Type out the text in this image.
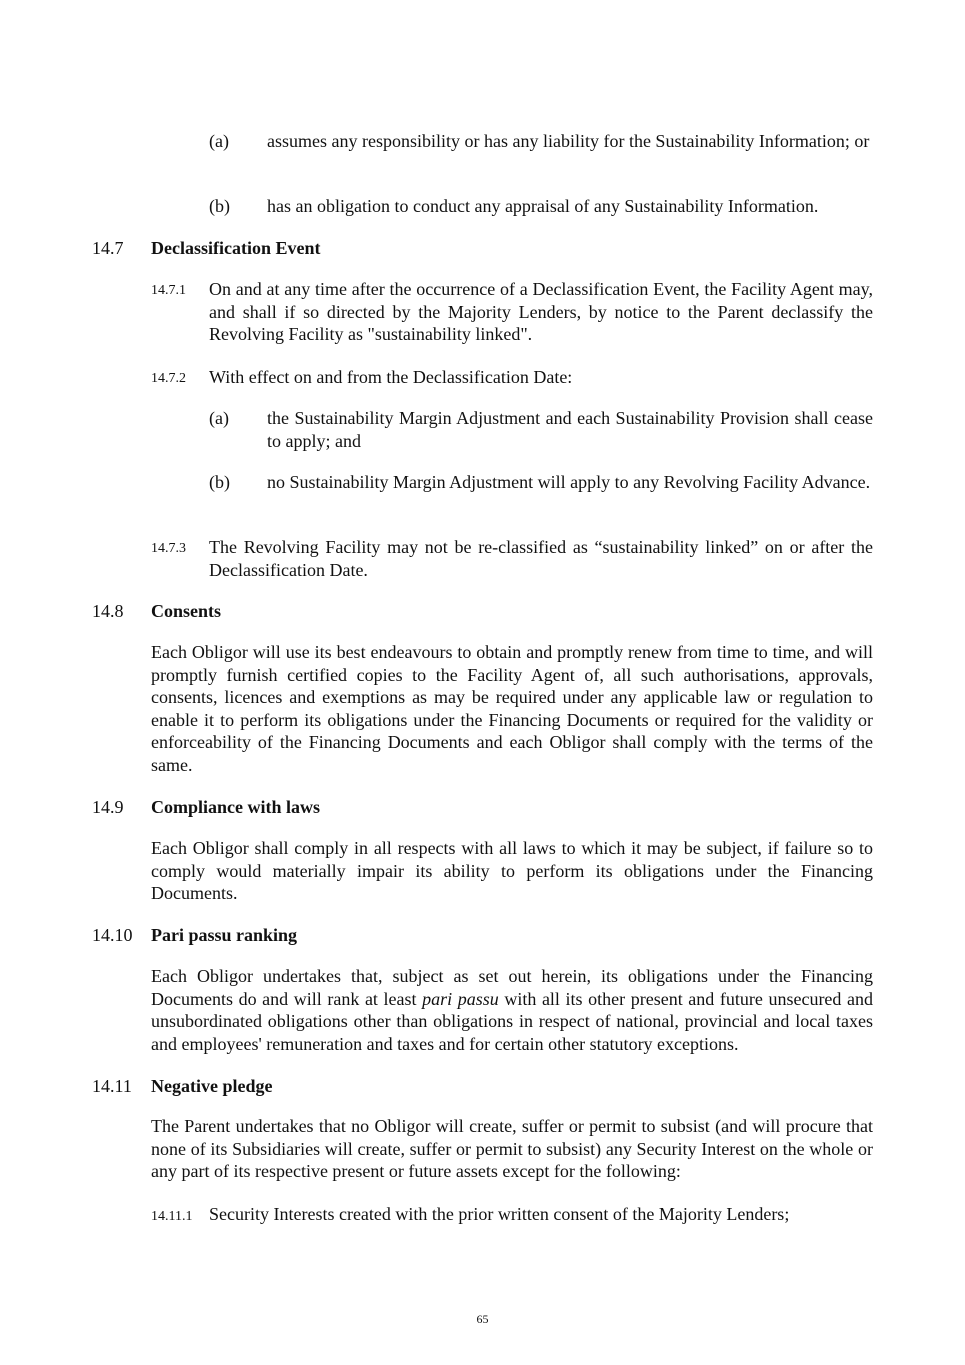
(a) assumes any responsibility or has any liability for the Sustainability Information; or

(b) has an obligation to conduct any appraisal of any Sustainability Information.

14.7 Declassification Event
14.7.1 On and at any time after the occurrence of a Declassification Event, the Facility Agent may, and shall if so directed by the Majority Lenders, by notice to the Parent declassify the Revolving Facility as "sustainability linked".

14.7.2 With effect on and from the Declassification Date:

(a) the Sustainability Margin Adjustment and each Sustainability Provision shall cease to apply; and

(b) no Sustainability Margin Adjustment will apply to any Revolving Facility Advance.

14.7.3 The Revolving Facility may not be re-classified as “sustainability linked” on or after the Declassification Date.

14.8 Consents

Each Obligor will use its best endeavours to obtain and promptly renew from time to time, and will promptly furnish certified copies to the Facility Agent of, all such authorisations, approvals, consents, licences and exemptions as may be required under any applicable law or regulation to enable it to perform its obligations under the Financing Documents or required for the validity or enforceability of the Financing Documents and each Obligor shall comply with the terms of the same.

14.9 Compliance with laws

Each Obligor shall comply in all respects with all laws to which it may be subject, if failure so to comply would materially impair its ability to perform its obligations under the Financing Documents.

14.10 Pari passu ranking

Each Obligor undertakes that, subject as set out herein, its obligations under the Financing Documents do and will rank at least pari passu with all its other present and future unsecured and unsubordinated obligations other than obligations in respect of national, provincial and local taxes and employees' remuneration and taxes and for certain other statutory exceptions.

14.11 Negative pledge

The Parent undertakes that no Obligor will create, suffer or permit to subsist (and will procure that none of its Subsidiaries will create, suffer or permit to subsist) any Security Interest on the whole or any part of its respective present or future assets except for the following:

14.11.1 Security Interests created with the prior written consent of the Majority Lenders;

65
